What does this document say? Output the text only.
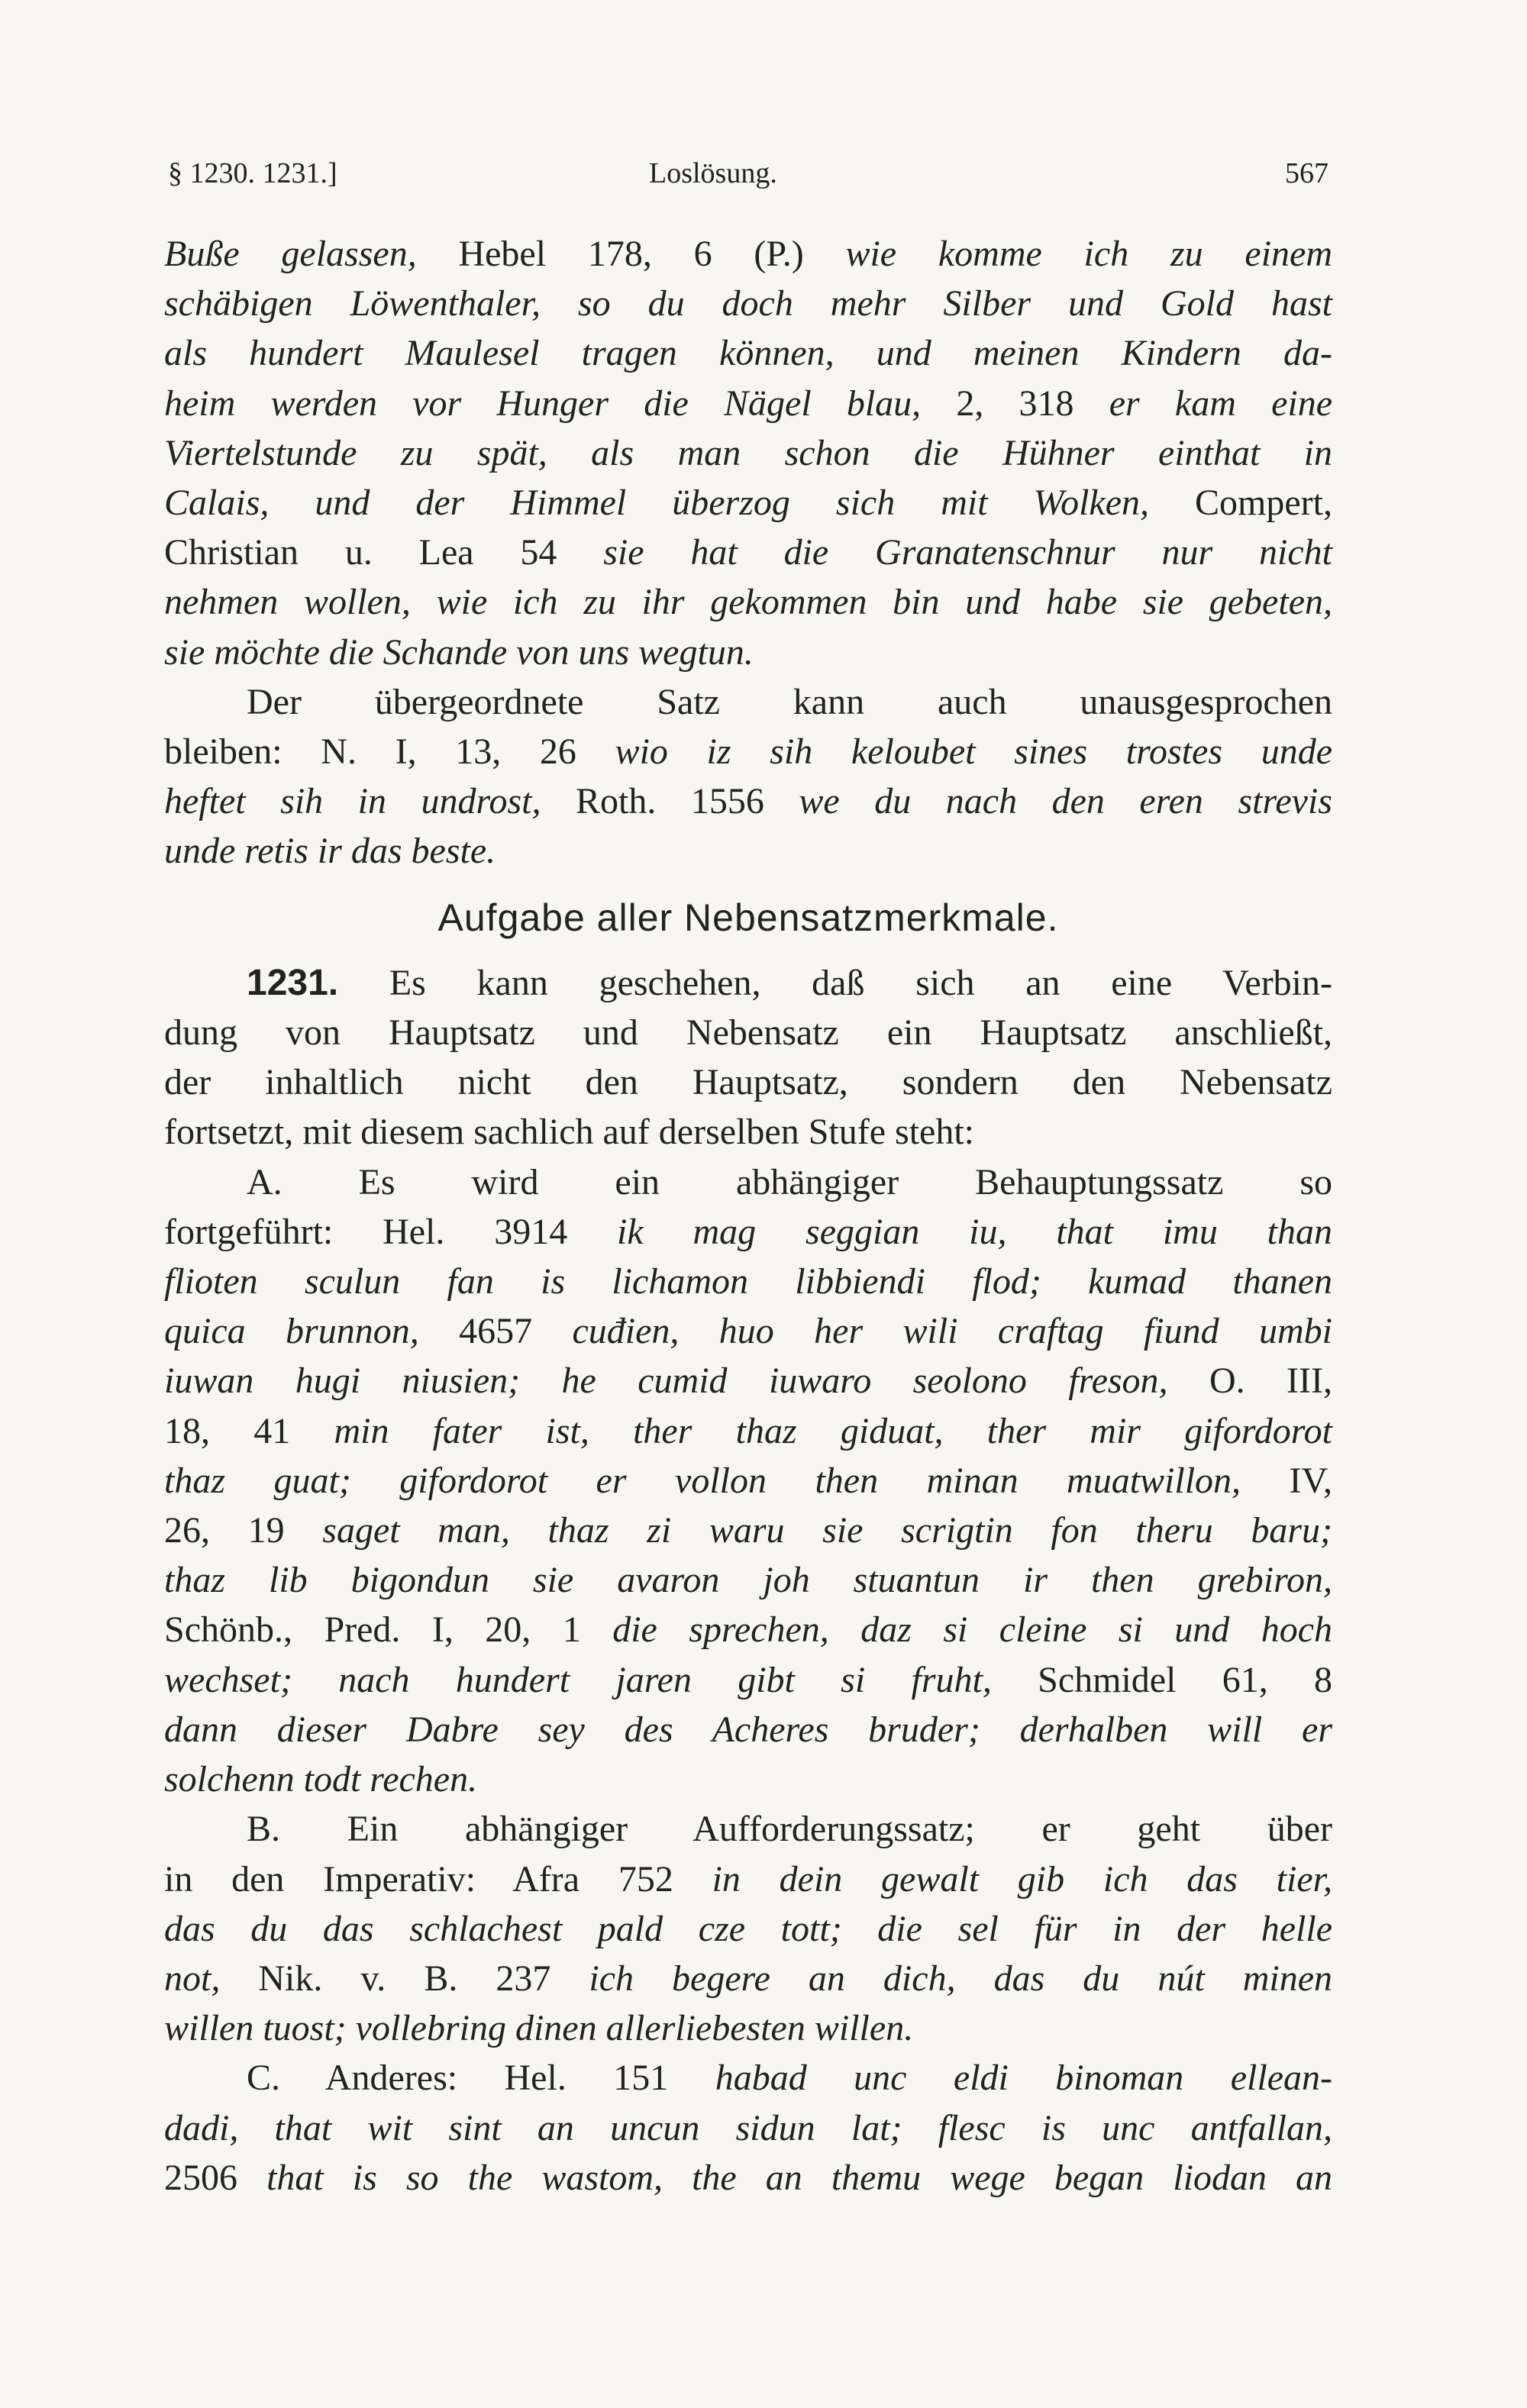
§ 1230. 1231.]	Loslösung.	567
Buße gelassen, Hebel 178, 6 (P.) wie komme ich zu einem
schäbigen Löwenthaler, so du doch mehr Silber und Gold hast
als hundert Maulesel tragen können, und meinen Kindern da-
heim werden vor Hunger die Nägel blau, 2, 318 er kam eine
Viertelstunde zu spät, als man schon die Hühner einthat in
Calais, und der Himmel überzog sich mit Wolken, Compert,
Christian u. Lea 54 sie hat die Granatenschnur nur nicht
nehmen wollen, wie ich zu ihr gekommen bin und habe sie gebeten,
sie möchte die Schande von uns wegtun.
Der übergeordnete Satz kann auch unausgesprochen
bleiben: N. I, 13, 26 wio iz sih keloubet sines trostes unde
heftet sih in undrost, Roth. 1556 we du nach den eren strevis
unde retis ir das beste.
Aufgabe aller Nebensatzmerkmale.
1231. Es kann geschehen, daß sich an eine Verbin-
dung von Hauptsatz und Nebensatz ein Hauptsatz anschließt,
der inhaltlich nicht den Hauptsatz, sondern den Nebensatz
fortsetzt, mit diesem sachlich auf derselben Stufe steht:
A. Es wird ein abhängiger Behauptungssatz so
fortgeführt: Hel. 3914 ik mag seggian iu, that imu than
flioten sculun fan is lichamon libbiendi flod; kumad thanen
quica brunnon, 4657 cuđien, huo her wili craftag fiund umbi
iuwan hugi niusien; he cumid iuwaro seolono freson, O. III,
18, 41 min fater ist, ther thaz giduat, ther mir gifordorot
thaz guat; gifordorot er vollon then minan muatwillon, IV,
26, 19 saget man, thaz zi waru sie scrigtin fon theru baru;
thaz lib bigondun sie avaron joh stuantun ir then grebiron,
Schönb., Pred. I, 20, 1 die sprechen, daz si cleine si und hoch
wechset; nach hundert jaren gibt si fruht, Schmidel 61, 8
dann dieser Dabre sey des Acheres bruder; derhalben will er
solchenn todt rechen.
B. Ein abhängiger Aufforderungssatz; er geht über
in den Imperativ: Afra 752 in dein gewalt gib ich das tier,
das du das schlachest pald cze tott; die sel für in der helle
not, Nik. v. B. 237 ich begere an dich, das du nút minen
willen tuost; vollebring dinen allerliebesten willen.
C. Anderes: Hel. 151 habad unc eldi binoman ellean-
dadi, that wit sint an uncun sidun lat; flesc is unc antfallan,
2506 that is so the wastom, the an themu wege began liodan an
